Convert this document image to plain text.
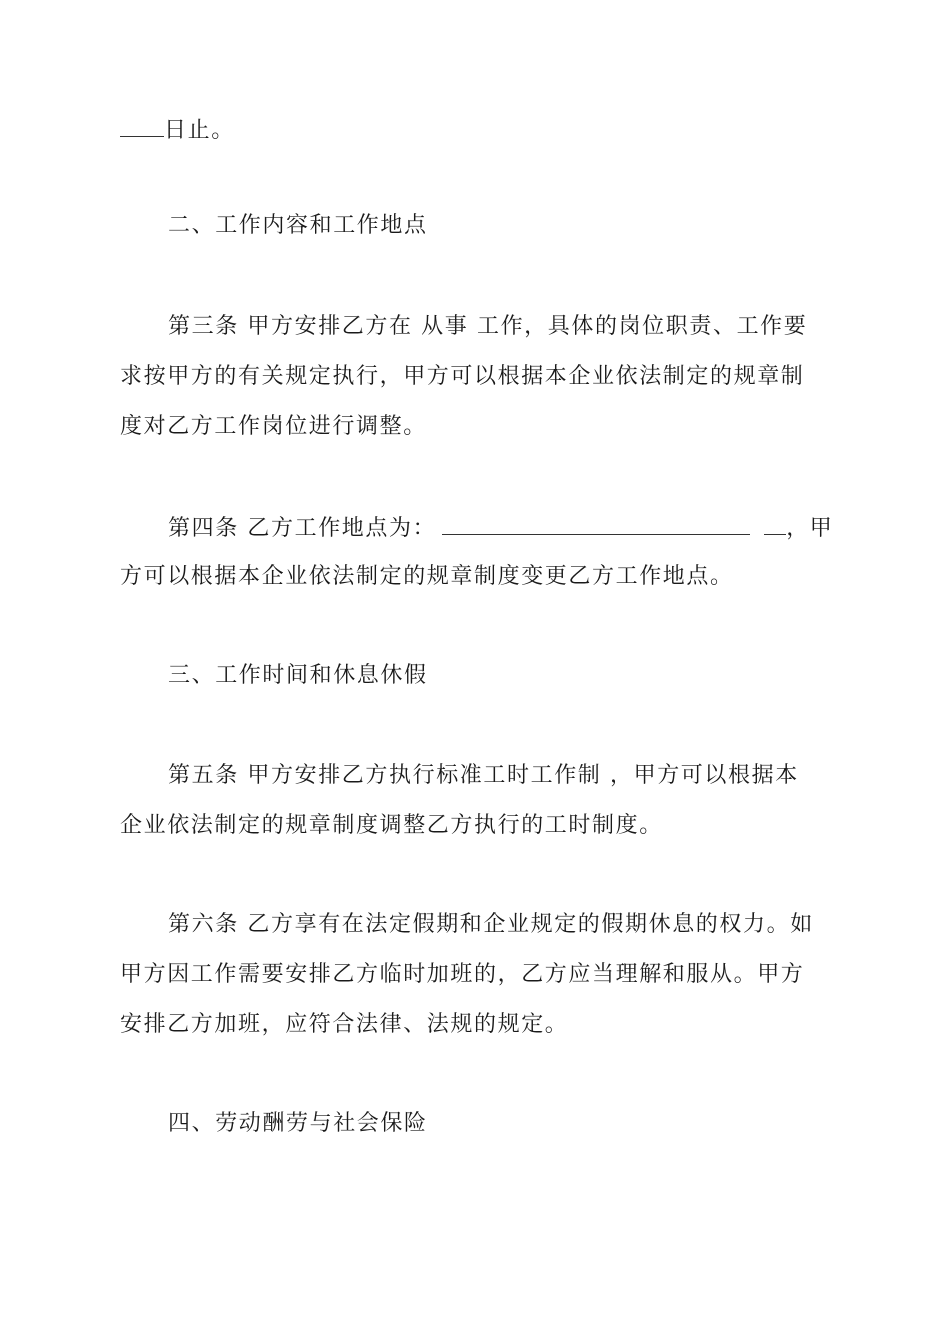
日止。
二、工作内容和工作地点
第三条 甲方安排乙方在 从事 工作，具体的岗位职责、工作要
求按甲方的有关规定执行，甲方可以根据本企业依法制定的规章制
度对乙方工作岗位进行调整。
第四条 乙方工作地点为：	，甲
方可以根据本企业依法制定的规章制度变更乙方工作地点。
三、工作时间和休息休假
第五条 甲方安排乙方执行标准工时工作制 ，甲方可以根据本
企业依法制定的规章制度调整乙方执行的工时制度。
第六条 乙方享有在法定假期和企业规定的假期休息的权力。如
甲方因工作需要安排乙方临时加班的，乙方应当理解和服从。甲方
安排乙方加班，应符合法律、法规的规定。
四、劳动酬劳与社会保险
